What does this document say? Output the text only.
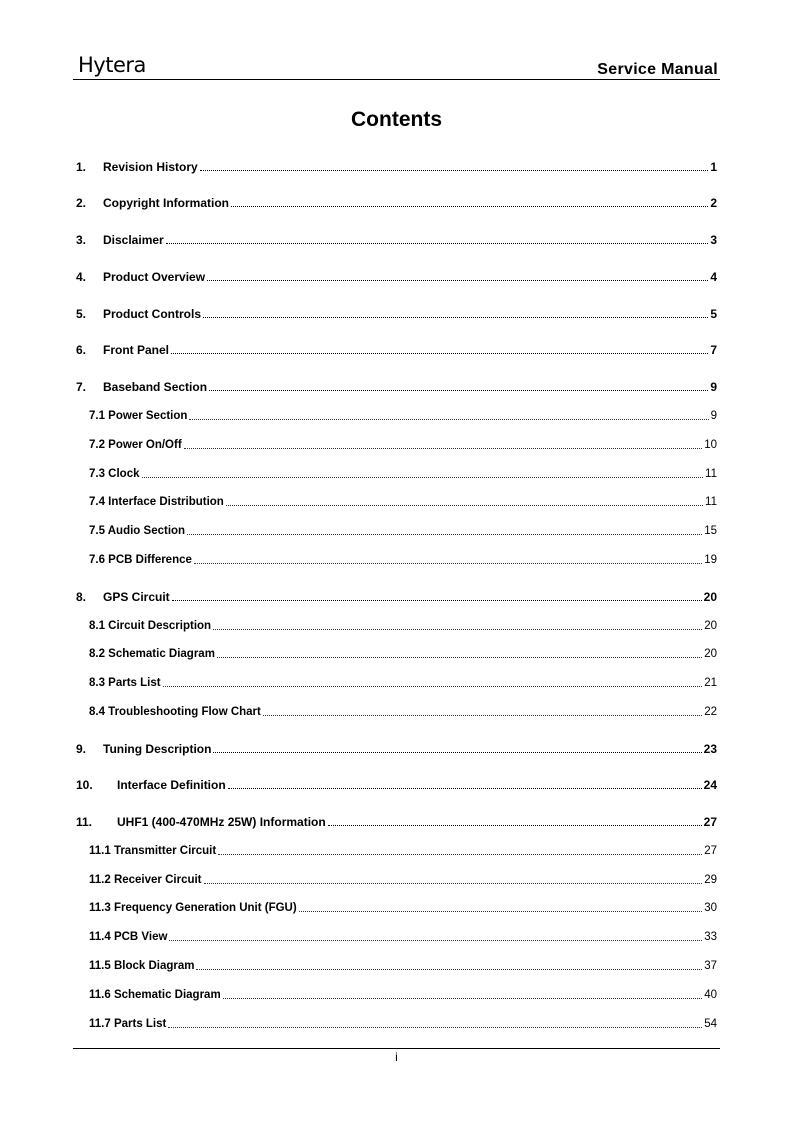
Hytera	Service Manual
Contents
1.	Revision History	1
2.	Copyright Information	2
3.	Disclaimer	3
4.	Product Overview	4
5.	Product Controls	5
6.	Front Panel	7
7.	Baseband Section	9
7.1 Power Section	9
7.2 Power On/Off	10
7.3 Clock	11
7.4 Interface Distribution	11
7.5 Audio Section	15
7.6 PCB Difference	19
8.	GPS Circuit	20
8.1 Circuit Description	20
8.2 Schematic Diagram	20
8.3 Parts List	21
8.4 Troubleshooting Flow Chart	22
9.	Tuning Description	23
10.	Interface Definition	24
11.	UHF1 (400-470MHz 25W) Information	27
11.1 Transmitter Circuit	27
11.2 Receiver Circuit	29
11.3 Frequency Generation Unit (FGU)	30
11.4 PCB View	33
11.5 Block Diagram	37
11.6 Schematic Diagram	40
11.7 Parts List	54
i
